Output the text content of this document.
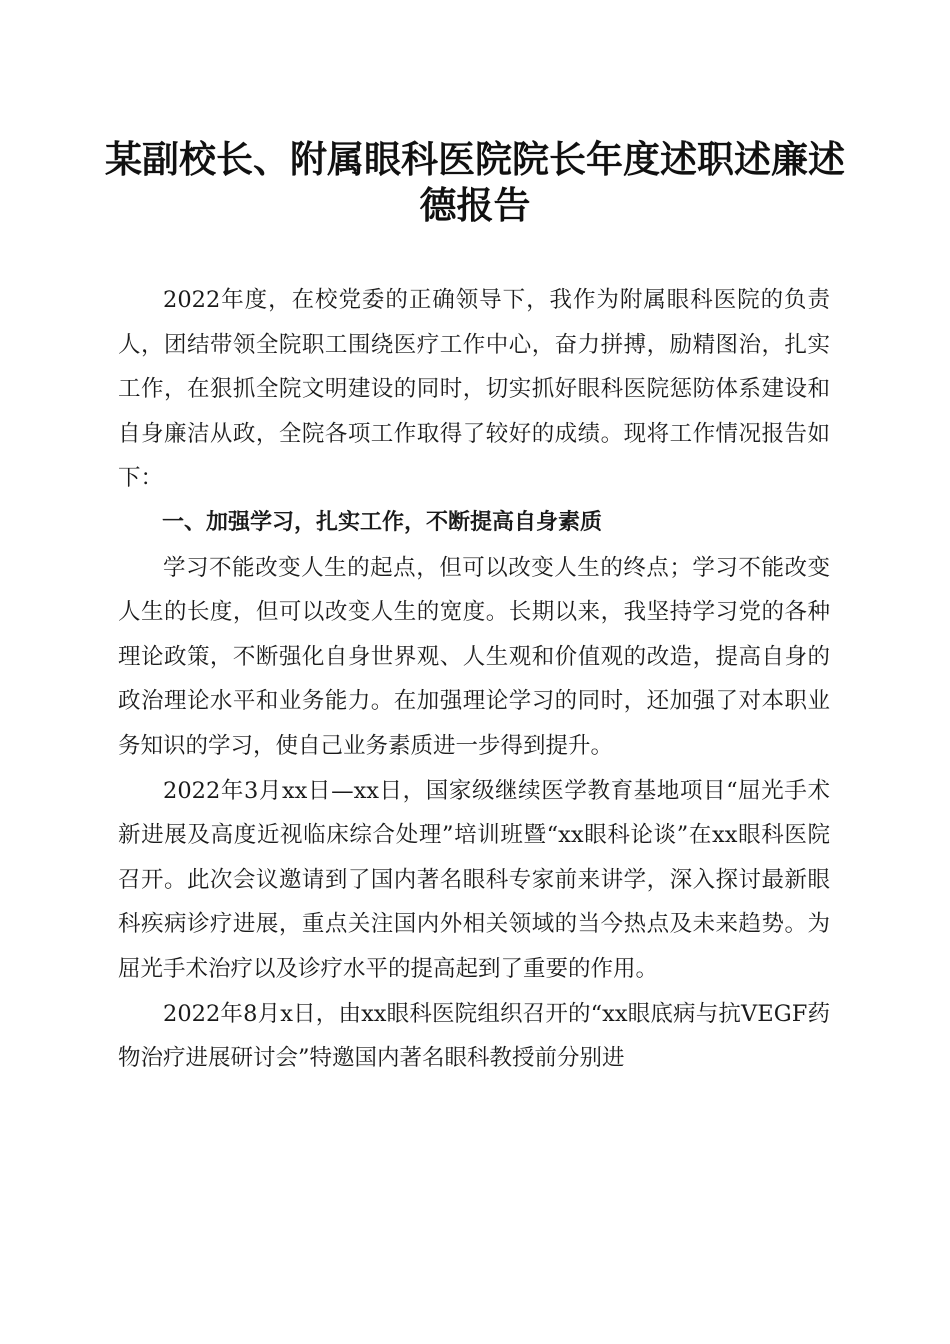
某副校长、附属眼科医院院长年度述职述廉述德报告

2022年度，在校党委的正确领导下，我作为附属眼科医院的负责人，团结带领全院职工围绕医疗工作中心，奋力拼搏，励精图治，扎实工作，在狠抓全院文明建设的同时，切实抓好眼科医院惩防体系建设和自身廉洁从政，全院各项工作取得了较好的成绩。现将工作情况报告如下：

一、加强学习，扎实工作，不断提高自身素质

学习不能改变人生的起点，但可以改变人生的终点；学习不能改变人生的长度，但可以改变人生的宽度。长期以来，我坚持学习党的各种理论政策，不断强化自身世界观、人生观和价值观的改造，提高自身的政治理论水平和业务能力。在加强理论学习的同时，还加强了对本职业务知识的学习，使自己业务素质进一步得到提升。

2022年3月xx日—xx日，国家级继续医学教育基地项目“屈光手术新进展及高度近视临床综合处理”培训班暨“xx眼科论谈”在xx眼科医院召开。此次会议邀请到了国内著名眼科专家前来讲学，深入探讨最新眼科疾病诊疗进展，重点关注国内外相关领域的当今热点及未来趋势。为屈光手术治疗以及诊疗水平的提高起到了重要的作用。

2022年8月x日，由xx眼科医院组织召开的“xx眼底病与抗VEGF药物治疗进展研讨会”特邀国内著名眼科教授前分别进
